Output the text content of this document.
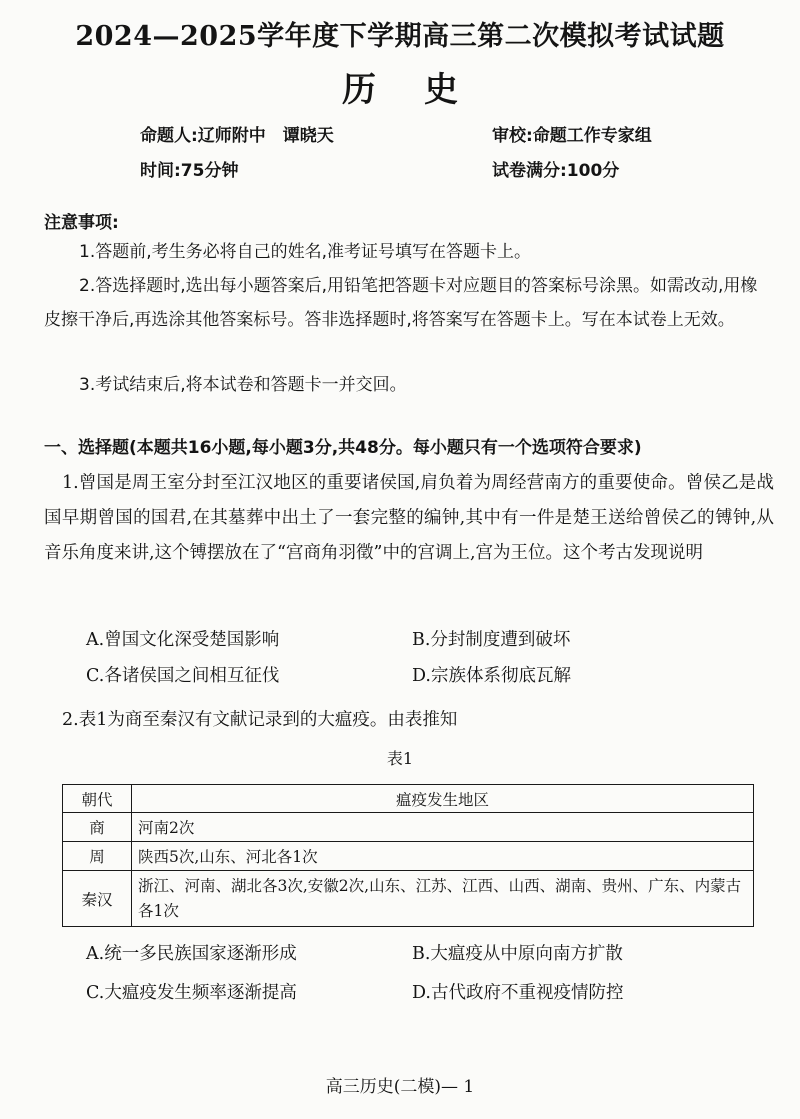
2024—2025学年度下学期高三第二次模拟考试试题
历史
命题人:辽师附中　谭晓天	审校:命题工作专家组
时间:75分钟	试卷满分:100分
注意事项:
1.答题前,考生务必将自己的姓名,准考证号填写在答题卡上。
2.答选择题时,选出每小题答案后,用铅笔把答题卡对应题目的答案标号涂黑。如需改动,用橡皮擦干净后,再选涂其他答案标号。答非选择题时,将答案写在答题卡上。写在本试卷上无效。
3.考试结束后,将本试卷和答题卡一并交回。
一、选择题(本题共16小题,每小题3分,共48分。每小题只有一个选项符合要求)
1.曾国是周王室分封至江汉地区的重要诸侯国,肩负着为周经营南方的重要使命。曾侯乙是战国早期曾国的国君,在其墓葬中出土了一套完整的编钟,其中有一件是楚王送给曾侯乙的镈钟,从音乐角度来讲,这个镈摆放在了“宫商角羽徵”中的宫调上,宫为王位。这个考古发现说明
A.曾国文化深受楚国影响	B.分封制度遭到破坏
C.各诸侯国之间相互征伐	D.宗族体系彻底瓦解
2.表1为商至秦汉有文献记录到的大瘟疫。由表推知
表1
朝代	瘟疫发生地区
商	河南2次
周	陕西5次,山东、河北各1次
秦汉	浙江、河南、湖北各3次,安徽2次,山东、江苏、江西、山西、湖南、贵州、广东、内蒙古各1次
A.统一多民族国家逐渐形成	B.大瘟疫从中原向南方扩散
C.大瘟疫发生频率逐渐提高	D.古代政府不重视疫情防控
高三历史(二模)— 1
